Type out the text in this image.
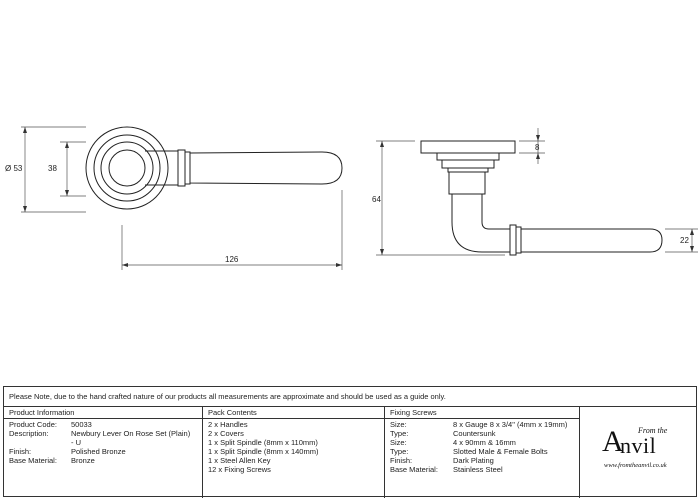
Ø 53	38
126
64
8
22
Please Note, due to the hand crafted nature of our products all measurements are approximate and should be used as a guide only.
Product Information
Product Code: 50033
Description:	Newbury Lever On Rose Set (Plain)
- U
Finish:	Polished Bronze
Base Material: Bronze
Pack Contents
2 x Handles
2 x Covers
1 x Split Spindle (8mm x 110mm)
1 x Split Spindle (8mm x 140mm)
1 x Steel Allen Key
12 x Fixing Screws
Fixing Screws
Size:	8 x Gauge 8 x 3/4" (4mm x 19mm)
Type:	Countersunk
Size:	4 x 90mm & 16mm
Type:	Slotted Male & Female Bolts
Finish:	Dark Plating
Base Material: Stainless Steel
From the
A
nvil
www.fromtheanvil.co.uk
